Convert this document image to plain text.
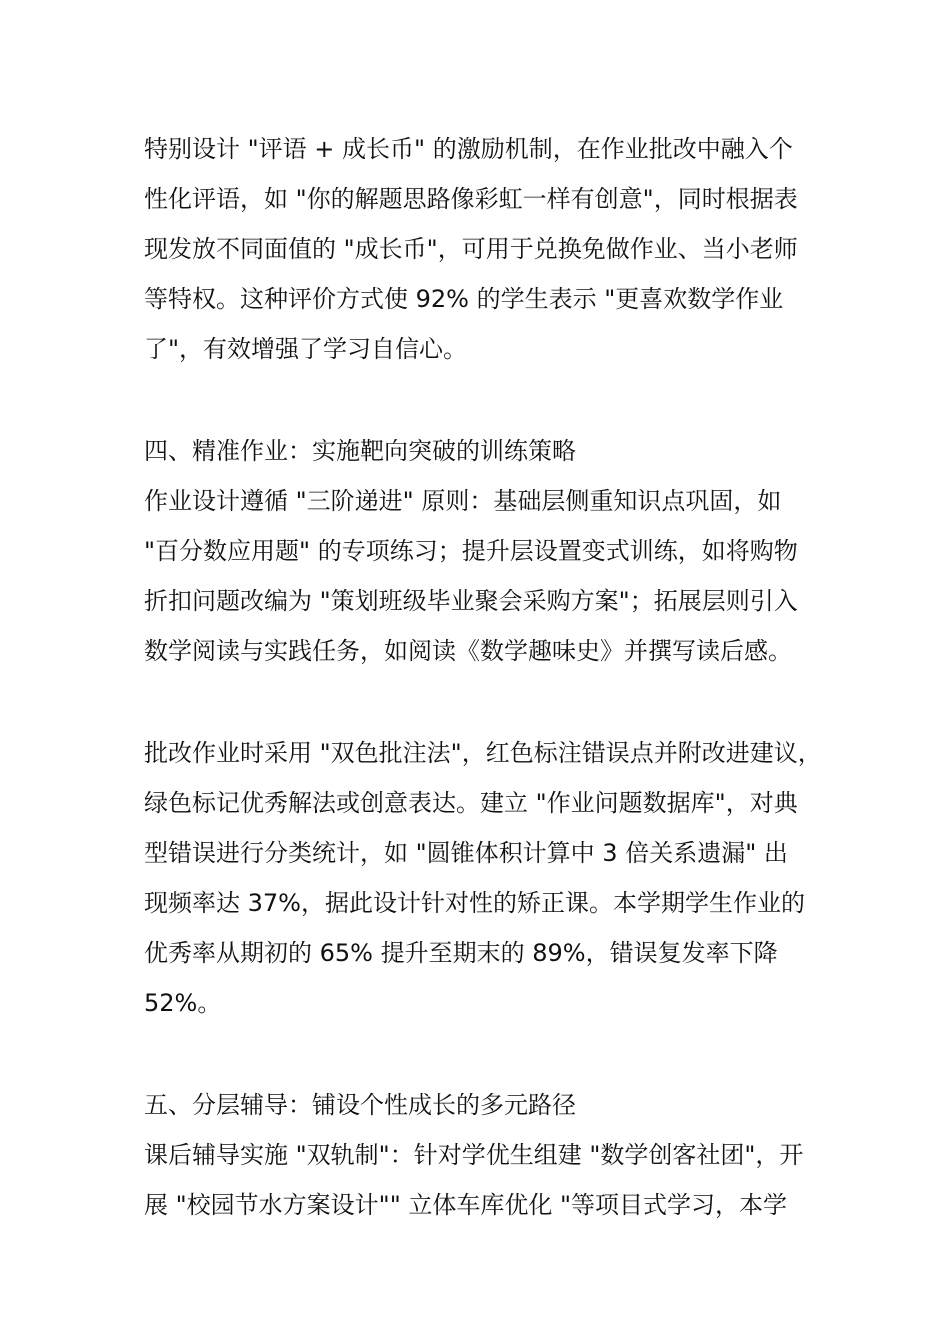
特别设计 "评语 + 成长币" 的激励机制，在作业批改中融入个
性化评语，如 "你的解题思路像彩虹一样有创意"，同时根据表
现发放不同面值的 "成长币"，可用于兑换免做作业、当小老师
等特权。这种评价方式使 92% 的学生表示 "更喜欢数学作业
了"，有效增强了学习自信心。

四、精准作业：实施靶向突破的训练策略

作业设计遵循 "三阶递进" 原则：基础层侧重知识点巩固，如
"百分数应用题" 的专项练习；提升层设置变式训练，如将购物
折扣问题改编为 "策划班级毕业聚会采购方案"；拓展层则引入
数学阅读与实践任务，如阅读《数学趣味史》并撰写读后感。

批改作业时采用 "双色批注法"，红色标注错误点并附改进建议，
绿色标记优秀解法或创意表达。建立 "作业问题数据库"，对典
型错误进行分类统计，如 "圆锥体积计算中 3 倍关系遗漏" 出
现频率达 37%，据此设计针对性的矫正课。本学期学生作业的
优秀率从期初的 65% 提升至期末的 89%，错误复发率下降
52%。

五、分层辅导：铺设个性成长的多元路径

课后辅导实施 "双轨制"：针对学优生组建 "数学创客社团"，开
展 "校园节水方案设计"" 立体车库优化 "等项目式学习，本学
